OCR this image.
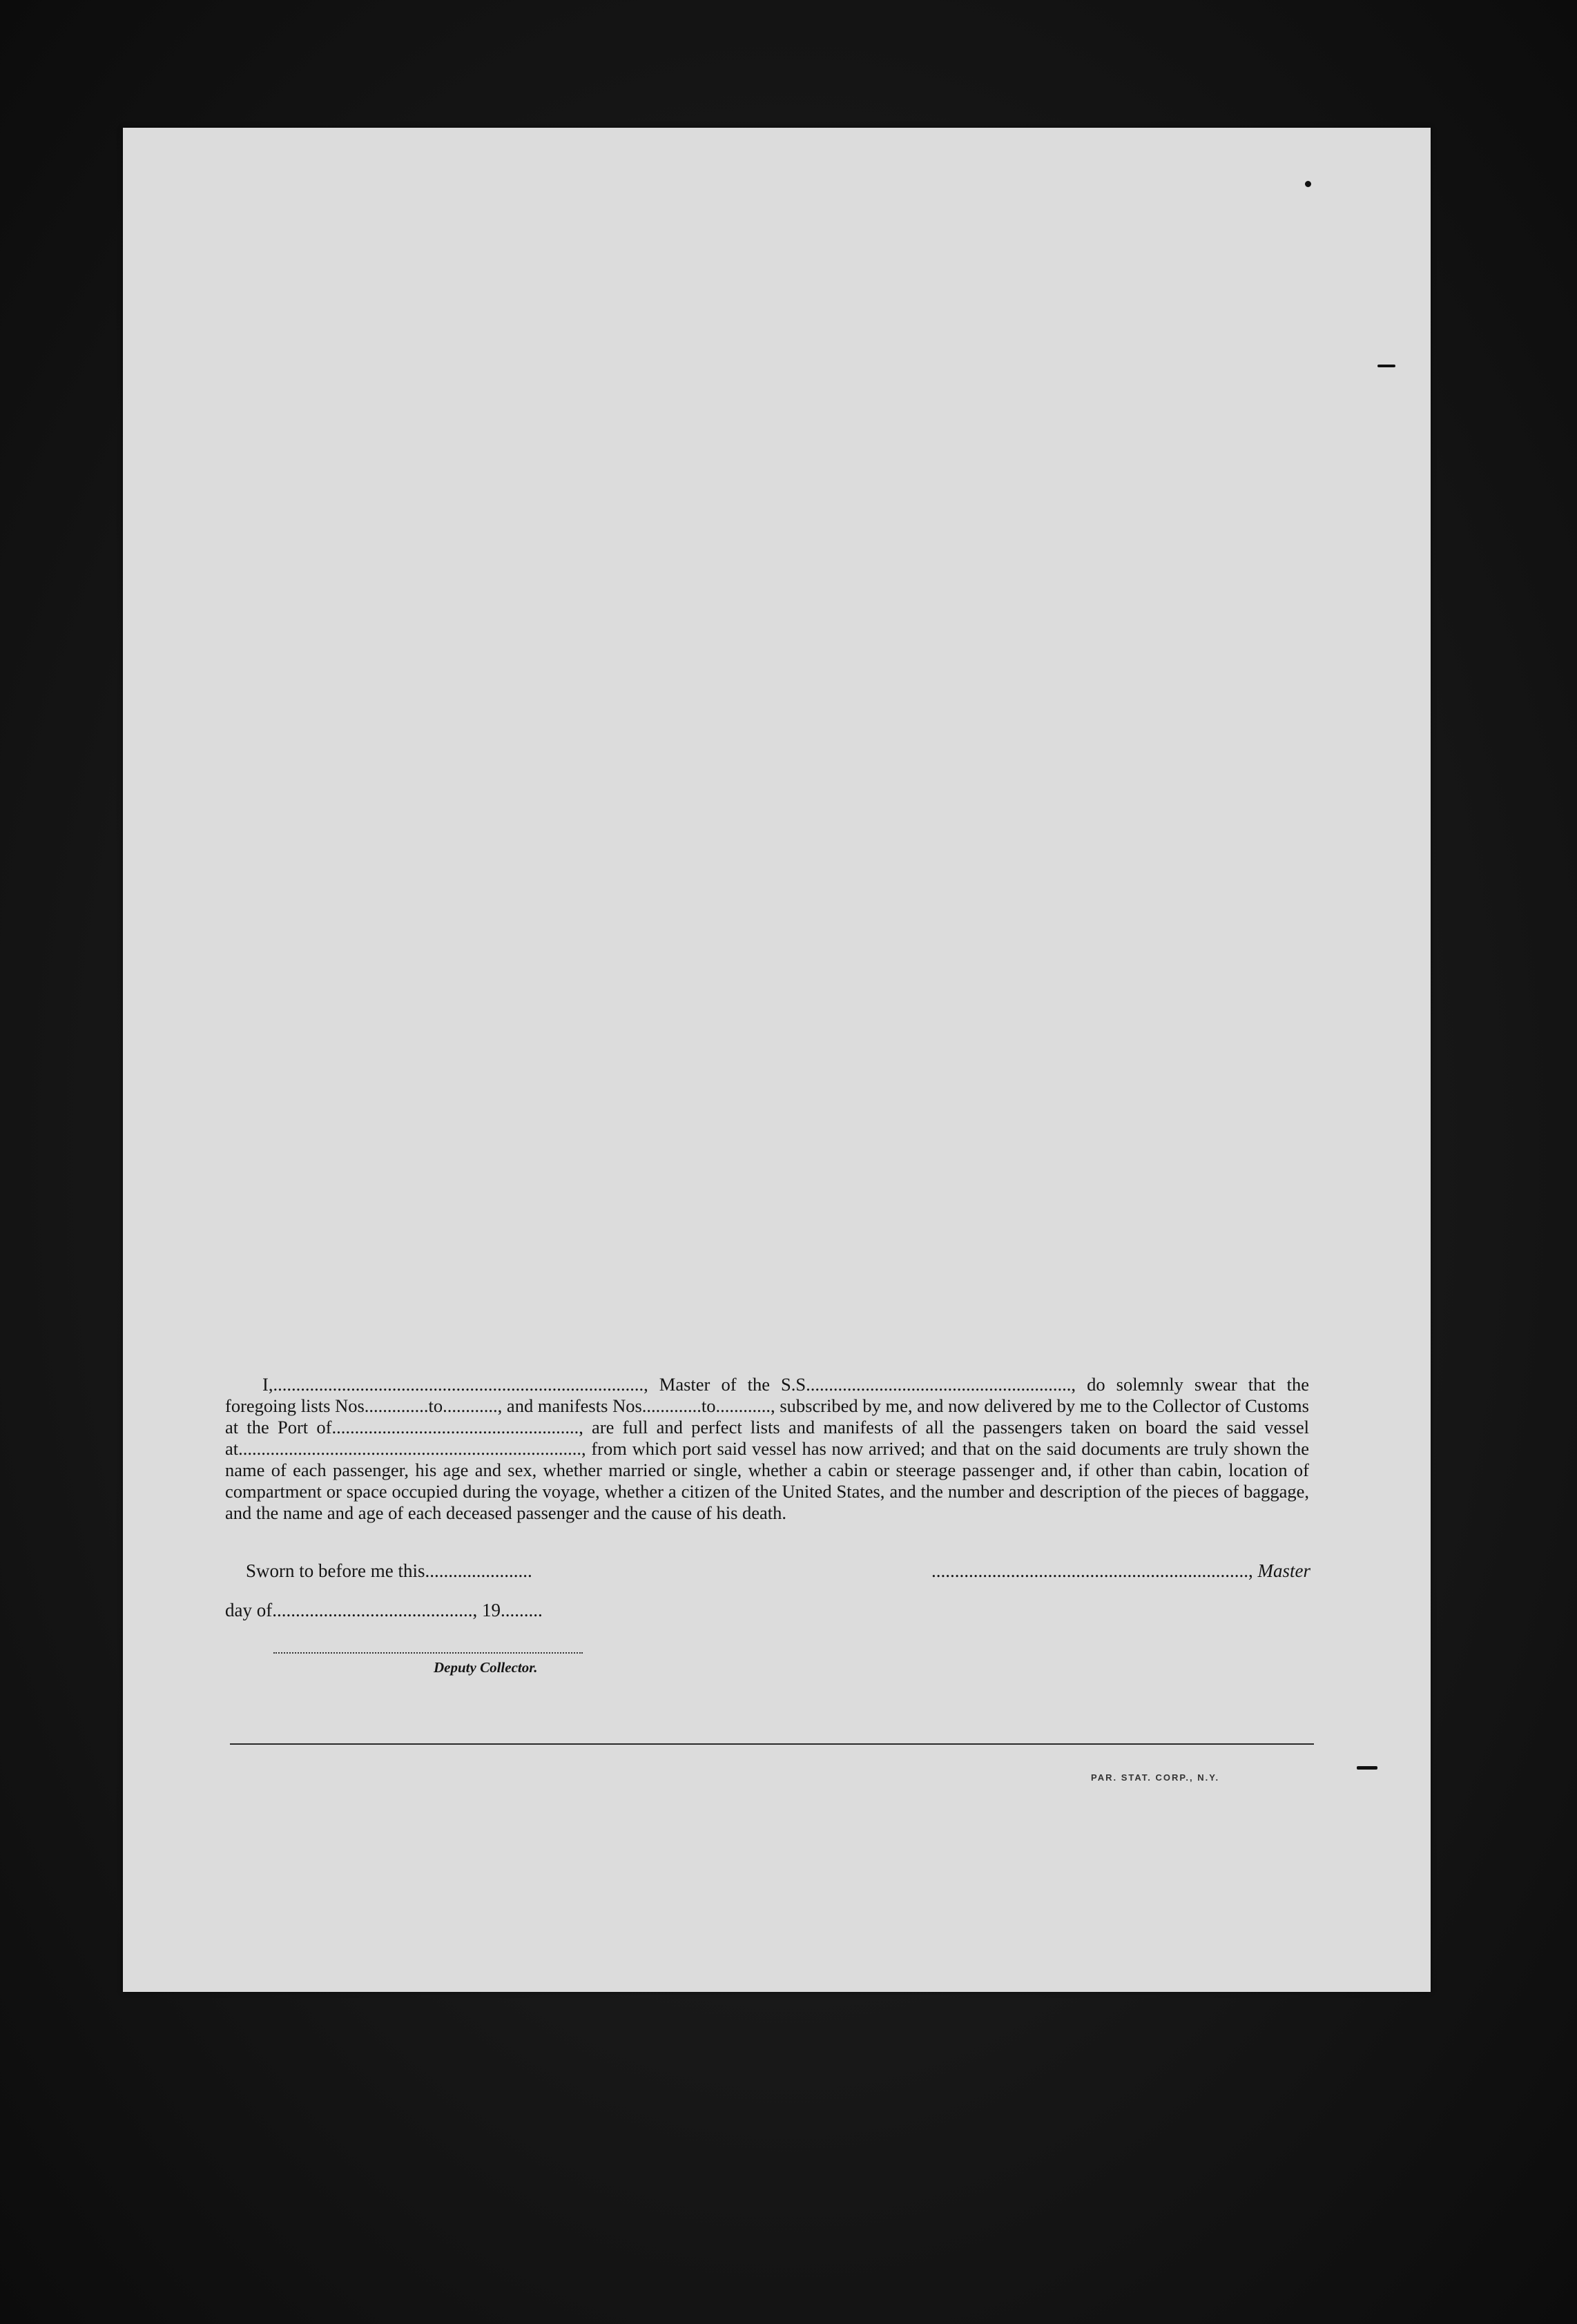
I,................................................................................., Master of the S.S.........................................................., do solemnly swear that the foregoing lists Nos..............to............, and manifests Nos.............to............, subscribed by me, and now delivered by me to the Collector of Customs at the Port of......................................................, are full and perfect lists and manifests of all the passengers taken on board the said vessel at..........................................................................., from which port said vessel has now arrived; and that on the said documents are truly shown the name of each passenger, his age and sex, whether married or single, whether a cabin or steerage passenger and, if other than cabin, location of compartment or space occupied during the voyage, whether a citizen of the United States, and the number and description of the pieces of baggage, and the name and age of each deceased passenger and the cause of his death.

Sworn to before me this.......................	...................................................................., Master
day of..........................................., 19.........
Deputy Collector.
PAR. STAT. CORP., N.Y.
